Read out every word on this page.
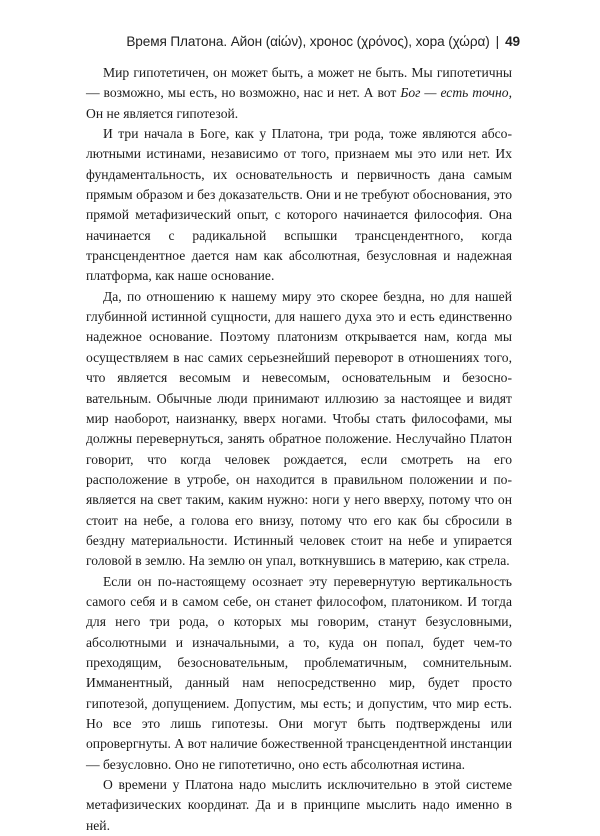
Время Платона. Айон (αἰών), хронос (χρόνος), хора (χώρα) | 49

Мир гипотетичен, он может быть, а может не быть. Мы гипотетичны — возможно, мы есть, но возможно, нас и нет. А вот Бог — есть точно, Он не является гипотезой.

И три начала в Боге, как у Платона, три рода, тоже являются абсолютными истинами, независимо от того, признаем мы это или нет. Их фундаментальность, их основательность и первичность дана самым прямым образом и без доказательств. Они и не требуют обоснования, это прямой метафизический опыт, с которого начинается философия. Она начинается с радикальной вспышки трансцендентного, когда трансцендентное дается нам как абсолютная, безусловная и надежная платформа, как наше основание.

Да, по отношению к нашему миру это скорее бездна, но для нашей глубинной истинной сущности, для нашего духа это и есть единственно надежное основание. Поэтому платонизм открывается нам, когда мы осуществляем в нас самих серьезнейший переворот в отношениях того, что является весомым и невесомым, основательным и безосновательным. Обычные люди принимают иллюзию за настоящее и видят мир наоборот, наизнанку, вверх ногами. Чтобы стать философами, мы должны перевернуться, занять обратное положение. Неслучайно Платон говорит, что когда человек рождается, если смотреть на его расположение в утробе, он находится в правильном положении и появляется на свет таким, каким нужно: ноги у него вверху, потому что он стоит на небе, а голова его внизу, потому что его как бы сбросили в бездну материальности. Истинный человек стоит на небе и упирается головой в землю. На землю он упал, воткнувшись в материю, как стрела.

Если он по-настоящему осознает эту перевернутую вертикальность самого себя и в самом себе, он станет философом, платоником. И тогда для него три рода, о которых мы говорим, станут безусловными, абсолютными и изначальными, а то, куда он попал, будет чем-то преходящим, безосновательным, проблематичным, сомнительным. Имманентный, данный нам непосредственно мир, будет просто гипотезой, допущением. Допустим, мы есть; и допустим, что мир есть. Но все это лишь гипотезы. Они могут быть подтверждены или опровергнуты. А вот наличие божественной трансцендентной инстанции — безусловно. Оно не гипотетично, оно есть абсолютная истина.

О времени у Платона надо мыслить исключительно в этой системе метафизических координат. Да и в принципе мыслить надо именно в ней.
